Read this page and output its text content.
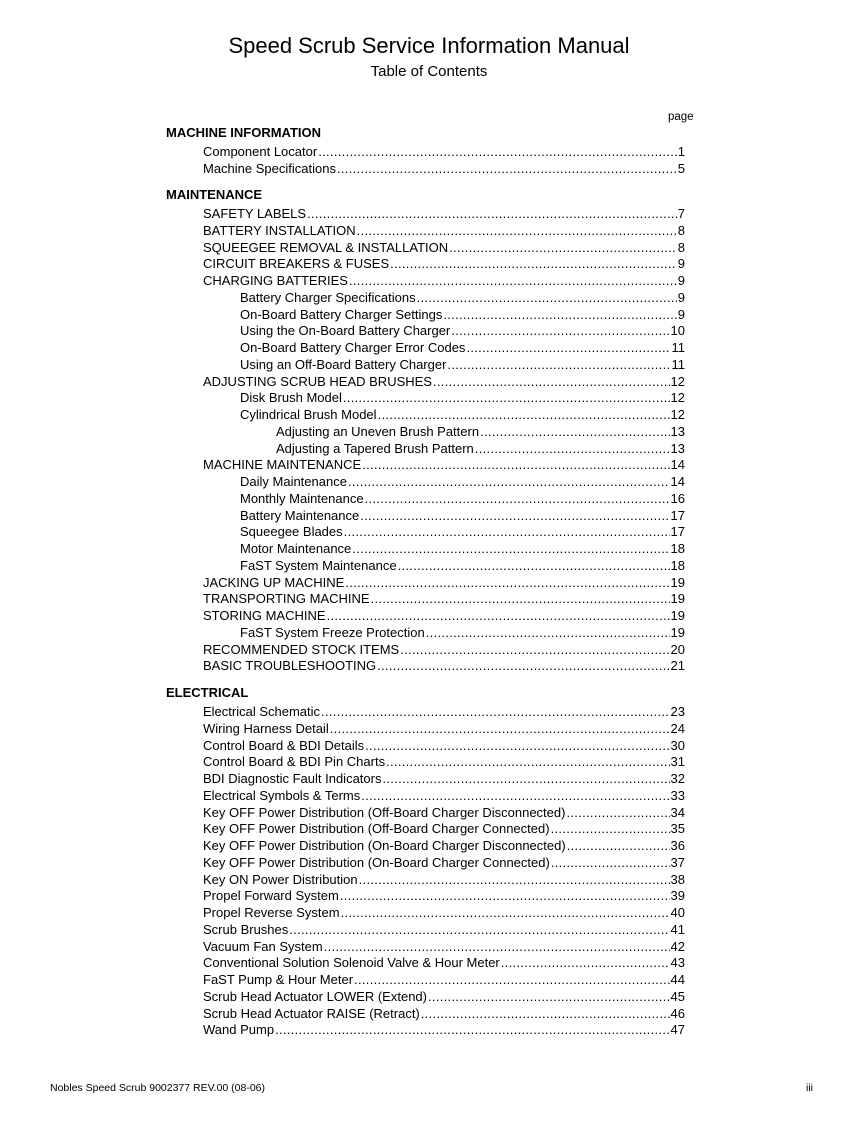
Speed Scrub Service Information Manual
Table of Contents
page
MACHINE INFORMATION
Component Locator .....	1
Machine Specifications .....	5
MAINTENANCE
SAFETY LABELS .....	7
BATTERY INSTALLATION .....	8
SQUEEGEE REMOVAL & INSTALLATION .....	8
CIRCUIT BREAKERS & FUSES .....	9
CHARGING BATTERIES .....	9
Battery Charger Specifications .....	9
On-Board Battery Charger Settings .....	9
Using the On-Board Battery Charger .....	10
On-Board Battery Charger Error Codes .....	11
Using an Off-Board Battery Charger .....	11
ADJUSTING SCRUB HEAD BRUSHES .....	12
Disk Brush Model .....	12
Cylindrical Brush Model .....	12
Adjusting an Uneven Brush Pattern .....	13
Adjusting a Tapered Brush Pattern .....	13
MACHINE MAINTENANCE .....	14
Daily Maintenance .....	14
Monthly Maintenance .....	16
Battery Maintenance .....	17
Squeegee Blades .....	17
Motor Maintenance .....	18
FaST System Maintenance .....	18
JACKING UP MACHINE .....	19
TRANSPORTING MACHINE .....	19
STORING MACHINE .....	19
FaST System Freeze Protection .....	19
RECOMMENDED STOCK ITEMS .....	20
BASIC TROUBLESHOOTING .....	21
ELECTRICAL
Electrical Schematic .....	23
Wiring Harness Detail .....	24
Control Board & BDI Details .....	30
Control Board & BDI Pin Charts .....	31
BDI Diagnostic Fault Indicators .....	32
Electrical Symbols & Terms .....	33
Key OFF Power Distribution (Off-Board Charger Disconnected) .....	34
Key OFF Power Distribution (Off-Board Charger Connected) .....	35
Key OFF Power Distribution (On-Board Charger Disconnected) .....	36
Key OFF Power Distribution (On-Board Charger Connected) .....	37
Key ON Power Distribution .....	38
Propel Forward System .....	39
Propel Reverse System .....	40
Scrub Brushes .....	41
Vacuum Fan System .....	42
Conventional Solution Solenoid Valve & Hour Meter .....	43
FaST Pump & Hour Meter .....	44
Scrub Head Actuator LOWER (Extend) .....	45
Scrub Head Actuator RAISE (Retract) .....	46
Wand Pump .....	47
Nobles Speed Scrub 9002377 REV.00 (08-06)	iii
